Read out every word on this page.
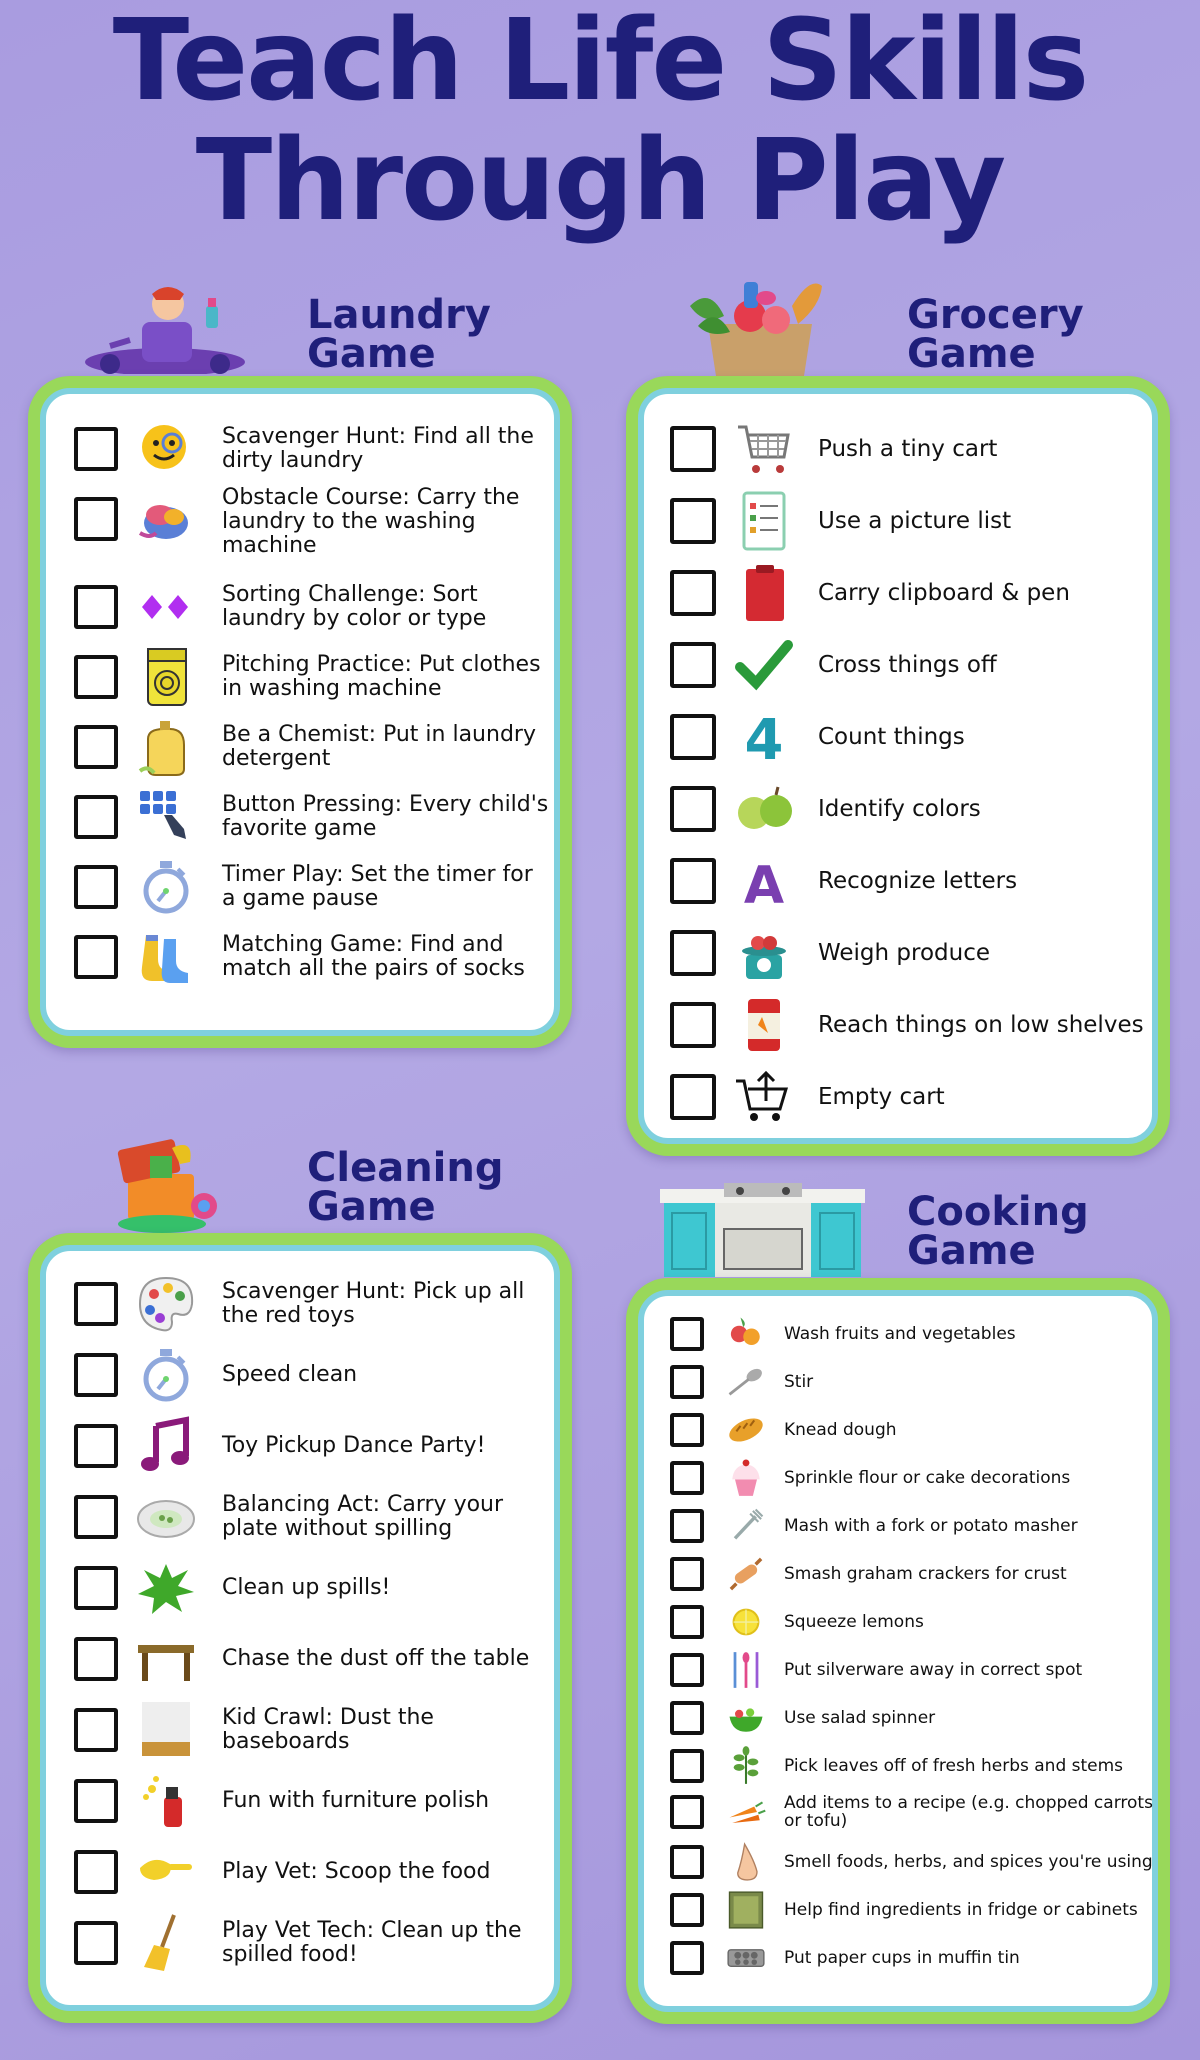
Teach Life Skills
Through Play
Laundry
Game
Scavenger Hunt: Find all the dirty laundry
Obstacle Course: Carry the laundry to the washing machine
Sorting Challenge: Sort laundry by color or type
Pitching Practice: Put clothes in washing machine
Be a Chemist: Put in laundry detergent
Button Pressing: Every child's favorite game
Timer Play: Set the timer for a game pause
Matching Game: Find and match all the pairs of socks
Grocery
Game
Push a tiny cart
Use a picture list
Carry clipboard & pen
Cross things off
4 Count things
Identify colors
A Recognize letters
Weigh produce
Reach things on low shelves
Empty cart
Cleaning
Game
Scavenger Hunt: Pick up all the red toys
Speed clean
Toy Pickup Dance Party!
Balancing Act: Carry your plate without spilling
Clean up spills!
Chase the dust off the table
Kid Crawl: Dust the baseboards
Fun with furniture polish
Play Vet: Scoop the food
Play Vet Tech: Clean up the spilled food!
Cooking
Game
Wash fruits and vegetables
Stir
Knead dough
Sprinkle flour or cake decorations
Mash with a fork or potato masher
Smash graham crackers for crust
Squeeze lemons
Put silverware away in correct spot
Use salad spinner
Pick leaves off of fresh herbs and stems
Add items to a recipe (e.g. chopped carrots or tofu)
Smell foods, herbs, and spices you're using
Help find ingredients in fridge or cabinets
Put paper cups in muffin tin
